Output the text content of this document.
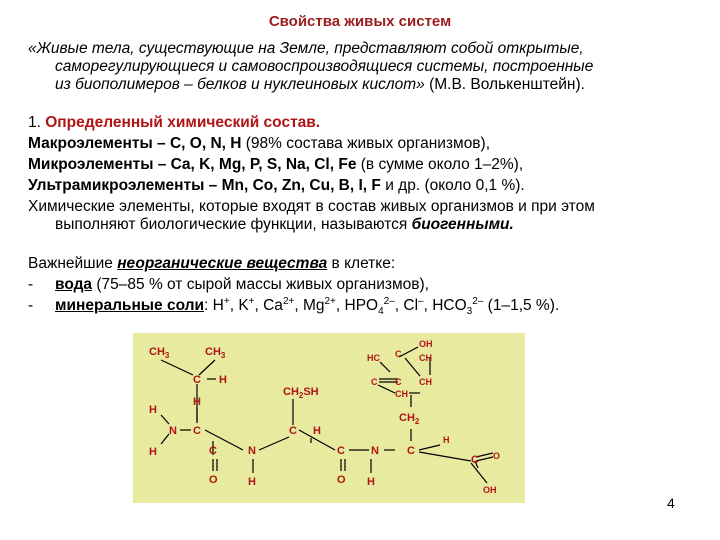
Свойства живых систем
«Живые тела, существующие на Земле, представляют собой открытые,
саморегулирующиеся и самовоспроизводящиеся системы, построенные
из биополимеров – белков и нуклеиновых кислот» (М.В. Волькенштейн).
1. Определенный химический состав.
Макроэлементы – C, O, N, H (98% состава живых организмов),
Микроэлементы – Ca, K, Mg, P, S, Na, Cl, Fe (в сумме около 1–2%),
Ультрамикроэлементы – Mn, Co, Zn, Cu, B, I, F и др. (около 0,1 %).
Химические элементы, которые входят в состав живых организмов и при этом
выполняют биологические функции, называются биогенными.
Важнейшие неорганические вещества в клетке:
- вода (75–85 % от сырой массы живых организмов),
- минеральные соли: H+, K+, $Ca^{2+}$, $Mg^{2+}$, $HPO_4^{2-}$, Cl–, $HCO_3^{2-}$ (1–1,5 %).
$CH_3$	$CH_3$
C H
H
N
H
C
H
C
O
N
H
$CH_2SH$
C H
C
O
N
H
OH
HC C
C C
CH
CH
CH
$CH_2$
C
H
C O
OH
4
